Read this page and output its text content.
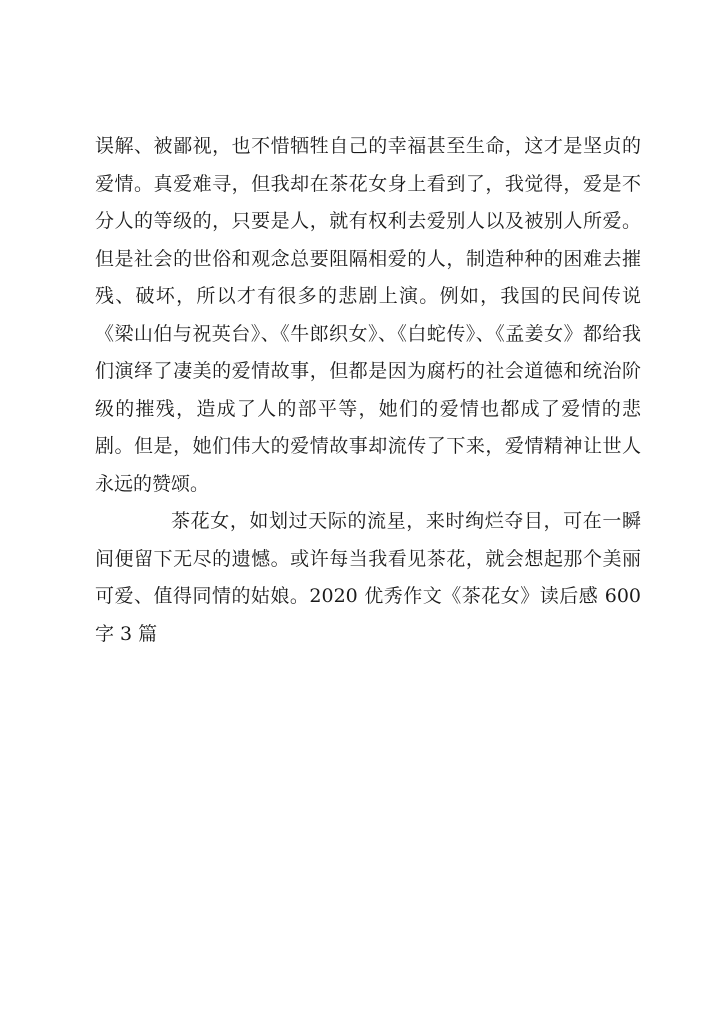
误解、被鄙视，也不惜牺牲自己的幸福甚至生命，这才是坚贞的
爱情。真爱难寻，但我却在茶花女身上看到了，我觉得，爱是不
分人的等级的，只要是人，就有权利去爱别人以及被别人所爱。
但是社会的世俗和观念总要阻隔相爱的人，制造种种的困难去摧
残、破坏，所以才有很多的悲剧上演。例如，我国的民间传说
《梁山伯与祝英台》、《牛郎织女》、《白蛇传》、《孟姜女》都给我
们演绎了凄美的爱情故事，但都是因为腐朽的社会道德和统治阶
级的摧残，造成了人的部平等，她们的爱情也都成了爱情的悲
剧。但是，她们伟大的爱情故事却流传了下来，爱情精神让世人
永远的赞颂。
茶花女，如划过天际的流星，来时绚烂夺目，可在一瞬
间便留下无尽的遗憾。或许每当我看见茶花，就会想起那个美丽
可爱、值得同情的姑娘。2020 优秀作文《茶花女》读后感 600
字 3 篇
